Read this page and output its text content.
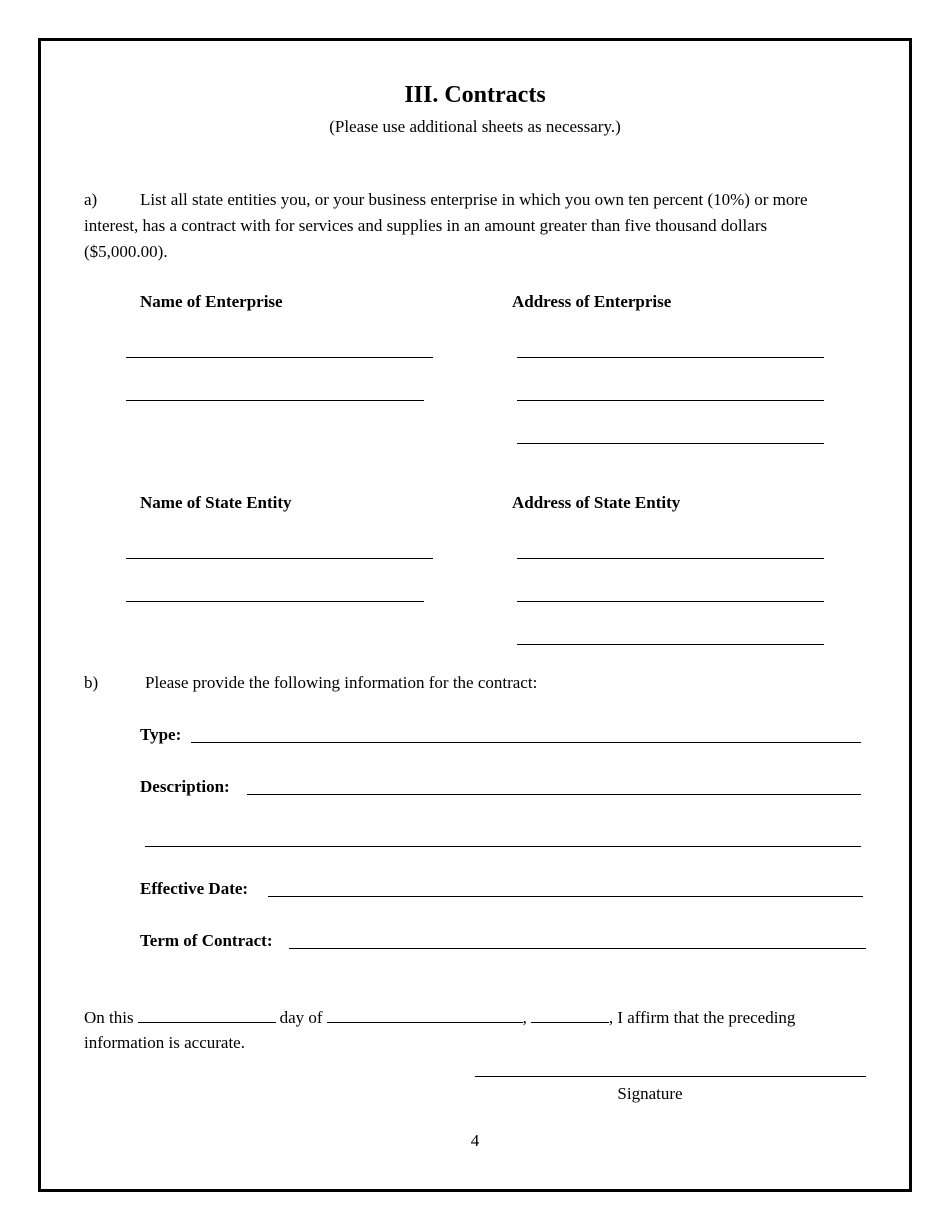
III. Contracts
(Please use additional sheets as necessary.)
a)	List all state entities you, or your business enterprise in which you own ten percent (10%) or more interest, has a contract with for services and supplies in an amount greater than five thousand dollars ($5,000.00).
Name of Enterprise	Address of Enterprise
Name of State Entity	Address of State Entity
b)	Please provide the following information for the contract:
Type:
Description:
Effective Date:
Term of Contract:
On this	day of	,	, I affirm that the preceding
information is accurate.
Signature
4
